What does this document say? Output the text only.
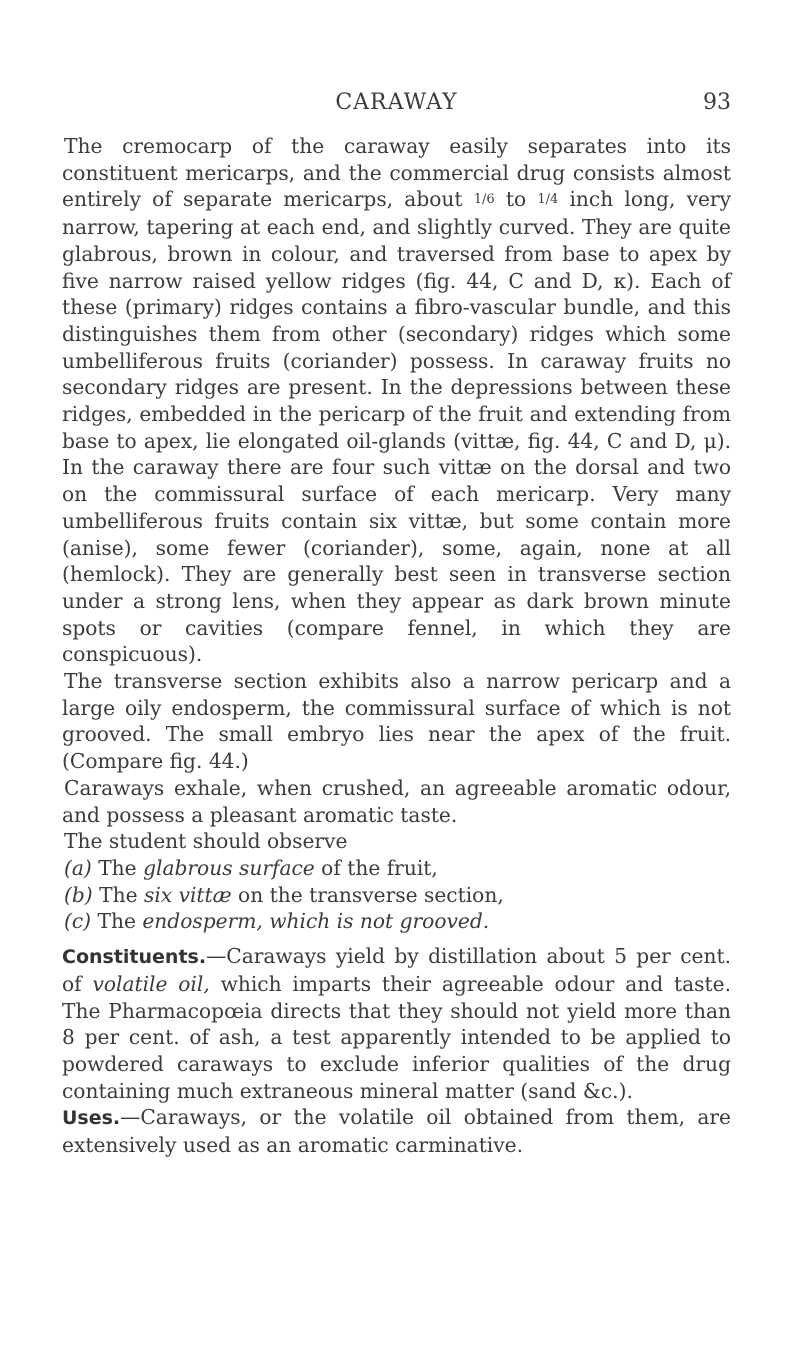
CARAWAY	93

The cremocarp of the caraway easily separates into its constituent mericarps, and the commercial drug consists almost entirely of separate mericarps, about 1/6 to 1/4 inch long, very narrow, tapering at each end, and slightly curved. They are quite glabrous, brown in colour, and traversed from base to apex by five narrow raised yellow ridges (fig. 44, C and D, κ). Each of these (primary) ridges contains a fibro-vascular bundle, and this distinguishes them from other (secondary) ridges which some umbelliferous fruits (coriander) possess. In caraway fruits no secondary ridges are present. In the depressions between these ridges, embedded in the pericarp of the fruit and extending from base to apex, lie elongated oil-glands (vittæ, fig. 44, C and D, μ). In the caraway there are four such vittæ on the dorsal and two on the commissural surface of each mericarp. Very many umbelliferous fruits contain six vittæ, but some contain more (anise), some fewer (coriander), some, again, none at all (hemlock). They are generally best seen in transverse section under a strong lens, when they appear as dark brown minute spots or cavities (compare fennel, in which they are conspicuous).

The transverse section exhibits also a narrow pericarp and a large oily endosperm, the commissural surface of which is not grooved. The small embryo lies near the apex of the fruit. (Compare fig. 44.)

Caraways exhale, when crushed, an agreeable aromatic odour, and possess a pleasant aromatic taste.

The student should observe

(a) The glabrous surface of the fruit,

(b) The six vittæ on the transverse section,

(c) The endosperm, which is not grooved.

Constituents.—Caraways yield by distillation about 5 per cent. of volatile oil, which imparts their agreeable odour and taste. The Pharmacopœia directs that they should not yield more than 8 per cent. of ash, a test apparently intended to be applied to powdered caraways to exclude inferior qualities of the drug containing much extraneous mineral matter (sand &c.).

Uses.—Caraways, or the volatile oil obtained from them, are extensively used as an aromatic carminative.
